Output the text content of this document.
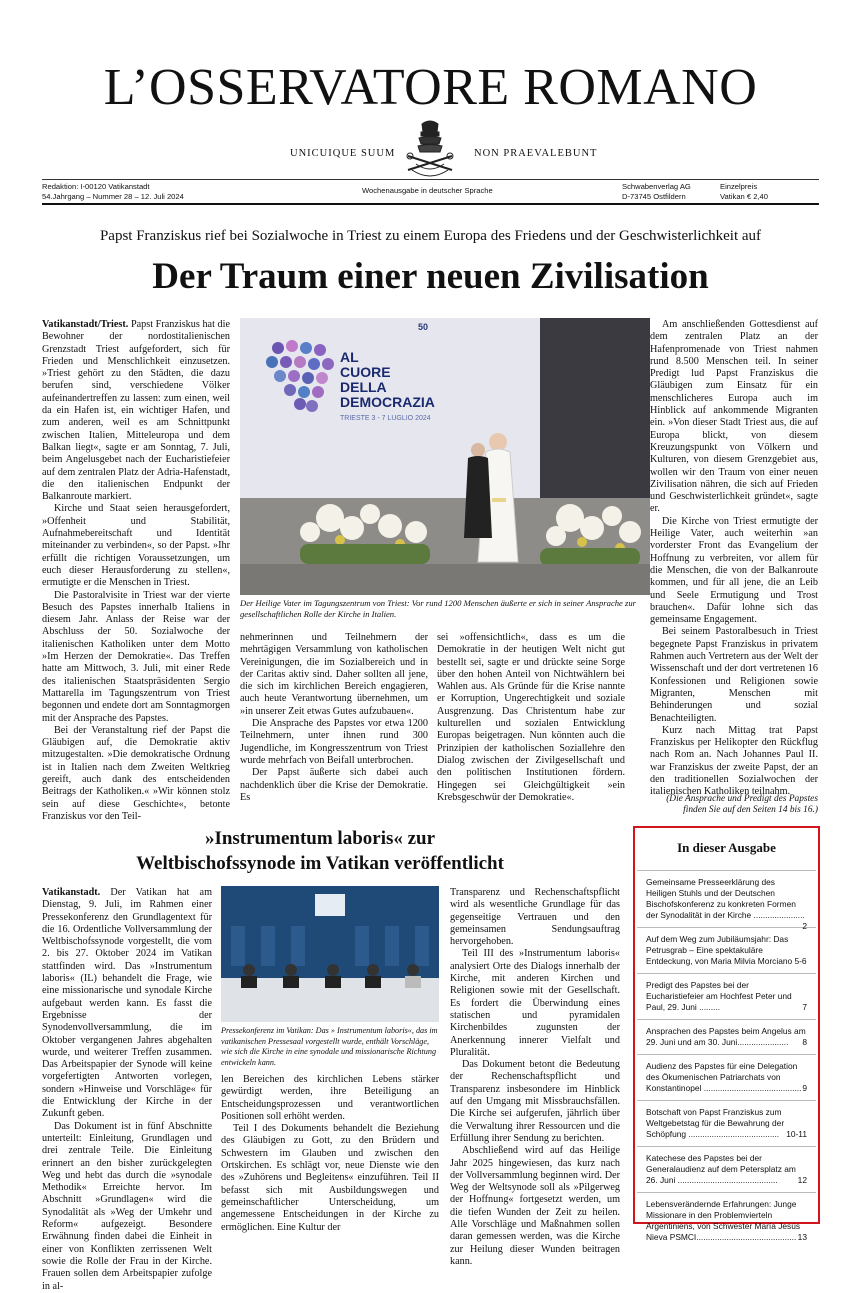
L’OSSERVATORE ROMANO
UNICUIQUE SUUM	NON PRAEVALEBUNT
Redaktion: I-00120 Vatikanstadt
54.Jahrgang – Nummer 28 – 12. Juli 2024
Wochenausgabe in deutscher Sprache	Schwabenverlag AG
D-73745 Ostfildern
Einzelpreis
Vatikan € 2,40
Papst Franziskus rief bei Sozialwoche in Triest zu einem Europa des Friedens und der Geschwisterlichkeit auf
Der Traum einer neuen Zivilisation

Vatikanstadt/Triest. Papst Franziskus hat die Bewohner der nordostitalienischen Grenzstadt Triest aufgefordert, sich für Frieden und Menschlichkeit einzusetzen. »Triest gehört zu den Städten, die dazu berufen sind, verschiedene Völker aufeinandertreffen zu lassen: zum einen, weil da ein Hafen ist, ein wichtiger Hafen, und zum anderen, weil es am Schnittpunkt zwischen Italien, Mitteleuropa und dem Balkan liegt«, sagte er am Sonntag, 7. Juli, beim Angelusgebet nach der Eucharistiefeier auf dem zentralen Platz der Adria-Hafenstadt, die den italienischen Endpunkt der Balkanroute markiert.

Kirche und Staat seien herausgefordert, »Offenheit und Stabilität, Aufnahmebereitschaft und Identität miteinander zu verbinden«, so der Papst. »Ihr erfüllt die richtigen Voraussetzungen, um euch dieser Herausforderung zu stellen«, ermutigte er die Menschen in Triest.

Die Pastoralvisite in Triest war der vierte Besuch des Papstes innerhalb Italiens in diesem Jahr. Anlass der Reise war der Abschluss der 50. Sozialwoche der italienischen Katholiken unter dem Motto »Im Herzen der Demokratie«. Das Treffen hatte am Mittwoch, 3. Juli, mit einer Rede des italienischen Staatspräsidenten Sergio Mattarella im Tagungszentrum von Triest begonnen und endete dort am Sonntagmorgen mit der Ansprache des Papstes.

Bei der Veranstaltung rief der Papst die Gläubigen auf, die Demokratie aktiv mitzugestalten. »Die demokratische Ordnung ist in Italien nach dem Zweiten Weltkrieg gereift, auch dank des entscheidenden Beitrags der Katholiken.« »Wir können stolz sein auf diese Geschichte«, betonte Franziskus vor den Teil-

AL
CUORE
DELLA
DEMOCRAZIA
TRIESTE 3 - 7 LUGLIO 2024
50
Der Heilige Vater im Tagungszentrum von Triest: Vor rund 1200 Menschen äußerte er sich in seiner Ansprache zur gesellschaftlichen Rolle der Kirche in Italien.

nehmerinnen und Teilnehmern der mehrtägigen Versammlung von katholischen Vereinigungen, die im Sozialbereich und in der Caritas aktiv sind. Daher sollten all jene, die sich im kirchlichen Bereich engagieren, auch heute Verantwortung übernehmen, um »in unserer Zeit etwas Gutes aufzubauen«.

Die Ansprache des Papstes vor etwa 1200 Teilnehmern, unter ihnen rund 300 Jugendliche, im Kongresszentrum von Triest wurde mehrfach von Beifall unterbrochen.

Der Papst äußerte sich dabei auch nachdenklich über die Krise der Demokratie. Es

sei »offensichtlich«, dass es um die Demokratie in der heutigen Welt nicht gut bestellt sei, sagte er und drückte seine Sorge über den hohen Anteil von Nichtwählern bei Wahlen aus. Als Gründe für die Krise nannte er Korruption, Ungerechtigkeit und soziale Ausgrenzung. Das Christentum habe zur kulturellen und sozialen Entwicklung Europas beigetragen. Nun könnten auch die Prinzipien der katholischen Soziallehre den Dialog zwischen der Zivilgesellschaft und den politischen Institutionen fördern. Hingegen sei Gleichgültigkeit »ein Krebsgeschwür der Demokratie«.

Am anschließenden Gottesdienst auf dem zentralen Platz an der Hafenpromenade von Triest nahmen rund 8.500 Menschen teil. In seiner Predigt lud Papst Franziskus die Gläubigen zum Einsatz für ein menschlicheres Europa auch im Hinblick auf ankommende Migranten ein. »Von dieser Stadt Triest aus, die auf Europa blickt, von diesem Kreuzungspunkt von Völkern und Kulturen, von diesem Grenzgebiet aus, wollen wir den Traum von einer neuen Zivilisation nähren, die sich auf Frieden und Geschwisterlichkeit gründet«, sagte er.

Die Kirche von Triest ermutigte der Heilige Vater, auch weiterhin »an vorderster Front das Evangelium der Hoffnung zu verbreiten, vor allem für die Menschen, die von der Balkanroute kommen, und für all jene, die an Leib und Seele Ermutigung und Trost brauchen«. Dafür lohne sich das gemeinsame Engagement.

Bei seinem Pastoralbesuch in Triest begegnete Papst Franziskus in privatem Rahmen auch Vertretern aus der Welt der Wissenschaft und der dort vertretenen 16 Konfessionen und Religionen sowie Migranten, Menschen mit Behinderungen und sozial Benachteiligten.

Kurz nach Mittag trat Papst Franziskus per Helikopter den Rückflug nach Rom an. Nach Johannes Paul II. war Franziskus der zweite Papst, der an den traditionellen Sozialwochen der italienischen Katholiken teilnahm.

(Die Ansprache und Predigt des Papstes finden Sie auf den Seiten 14 bis 16.)
»Instrumentum laboris« zur
Weltbischofssynode im Vatikan veröffentlicht

Vatikanstadt. Der Vatikan hat am Dienstag, 9. Juli, im Rahmen einer Pressekonferenz den Grundlagentext für die 16. Ordentliche Vollversammlung der Weltbischofssynode vorgestellt, die vom 2. bis 27. Oktober 2024 im Vatikan stattfinden wird. Das »Instrumentum laboris« (IL) behandelt die Frage, wie eine missionarische und synodale Kirche aufgebaut werden kann. Es fasst die Ergebnisse der Synodenvollversammlung, die im Oktober vergangenen Jahres abgehalten wurde, und weiterer Treffen zusammen. Das Arbeitspapier der Synode will keine vorgefertigten Antworten vorlegen, sondern »Hinweise und Vorschläge« für die Entwicklung der Kirche in der Zukunft geben.

Das Dokument ist in fünf Abschnitte unterteilt: Einleitung, Grundlagen und drei zentrale Teile. Die Einleitung erinnert an den bisher zurückgelegten Weg und hebt das durch die »synodale Methodik« Erreichte hervor. Im Abschnitt »Grundlagen« wird die Synodalität als »Weg der Umkehr und Reform« aufgezeigt. Besondere Erwähnung finden dabei die Einheit in einer von Konflikten zerrissenen Welt sowie die Rolle der Frau in der Kirche. Frauen sollen dem Arbeitspapier zufolge in al-

Pressekonferenz im Vatikan: Das » Instrumentum laboris«, das im vatikanischen Pressesaal vorgestellt wurde, enthält Vorschläge, wie sich die Kirche in eine synodale und missionarische Richtung entwickeln kann.

len Bereichen des kirchlichen Lebens stärker gewürdigt werden, ihre Beteiligung an Entscheidungsprozessen und verantwortlichen Positionen soll erhöht werden.

Teil I des Dokuments behandelt die Beziehung des Gläubigen zu Gott, zu den Brüdern und Schwestern im Glauben und zwischen den Ortskirchen. Es schlägt vor, neue Dienste wie den des »Zuhörens und Begleitens« einzuführen. Teil II befasst sich mit Ausbildungswegen und gemeinschaftlicher Unterscheidung, um angemessene Entscheidungen in der Kirche zu ermöglichen. Eine Kultur der

Transparenz und Rechenschaftspflicht wird als wesentliche Grundlage für das gegenseitige Vertrauen und den gemeinsamen Sendungsauftrag hervorgehoben.

Teil III des »Instrumentum laboris« analysiert Orte des Dialogs innerhalb der Kirche, mit anderen Kirchen und Religionen sowie mit der Gesellschaft. Es fordert die Überwindung eines statischen und pyramidalen Kirchenbildes zugunsten der Anerkennung innerer Vielfalt und Pluralität.

Das Dokument betont die Bedeutung der Rechenschaftspflicht und Transparenz insbesondere im Hinblick auf den Umgang mit Missbrauchsfällen. Die Kirche sei aufgerufen, jährlich über die Verwaltung ihrer Ressourcen und die Erfüllung ihrer Sendung zu berichten.

Abschließend wird auf das Heilige Jahr 2025 hingewiesen, das kurz nach der Vollversammlung beginnen wird. Der Weg der Weltsynode soll als »Pilgerweg der Hoffnung« fortgesetzt werden, um die tiefen Wunden der Zeit zu heilen. Alle Vorschläge und Maßnahmen sollen daran gemessen werden, was die Kirche zur Heilung dieser Wunden beitragen kann.

In dieser Ausgabe
Gemeinsame Presseerklärung des Heiligen Stuhls und der Deutschen Bischofskonferenz zu konkreten Formen der Synodalität in der Kirche ......................
2
Auf dem Weg zum Jubiläumsjahr: Das Petrusgrab – Eine spektakuläre Entdeckung, von Maria Milvia Morciano 5-6
Predigt des Papstes bei der Eucharistiefeier am Hochfest Peter und Paul, 29. Juni .........	7
Ansprachen des Papstes beim Angelus am 29. Juni und am 30. Juni...................... 8
Audienz des Papstes für eine Delegation des Ökumenischen Patriarchats von Konstantinopel .......................................... 9
Botschaft von Papst Franziskus zum Weltgebetstag für die Bewahrung der Schöpfung ....................................... 10-11
Katechese des Papstes bei der Generalaudienz auf dem Petersplatz am 26. Juni ........................................... 12
Lebensverändernde Erfahrungen: Junge Missionare in den Problemvierteln Argentiniens, von Schwester María Jesús Nieva PSMCI........................................... 13
